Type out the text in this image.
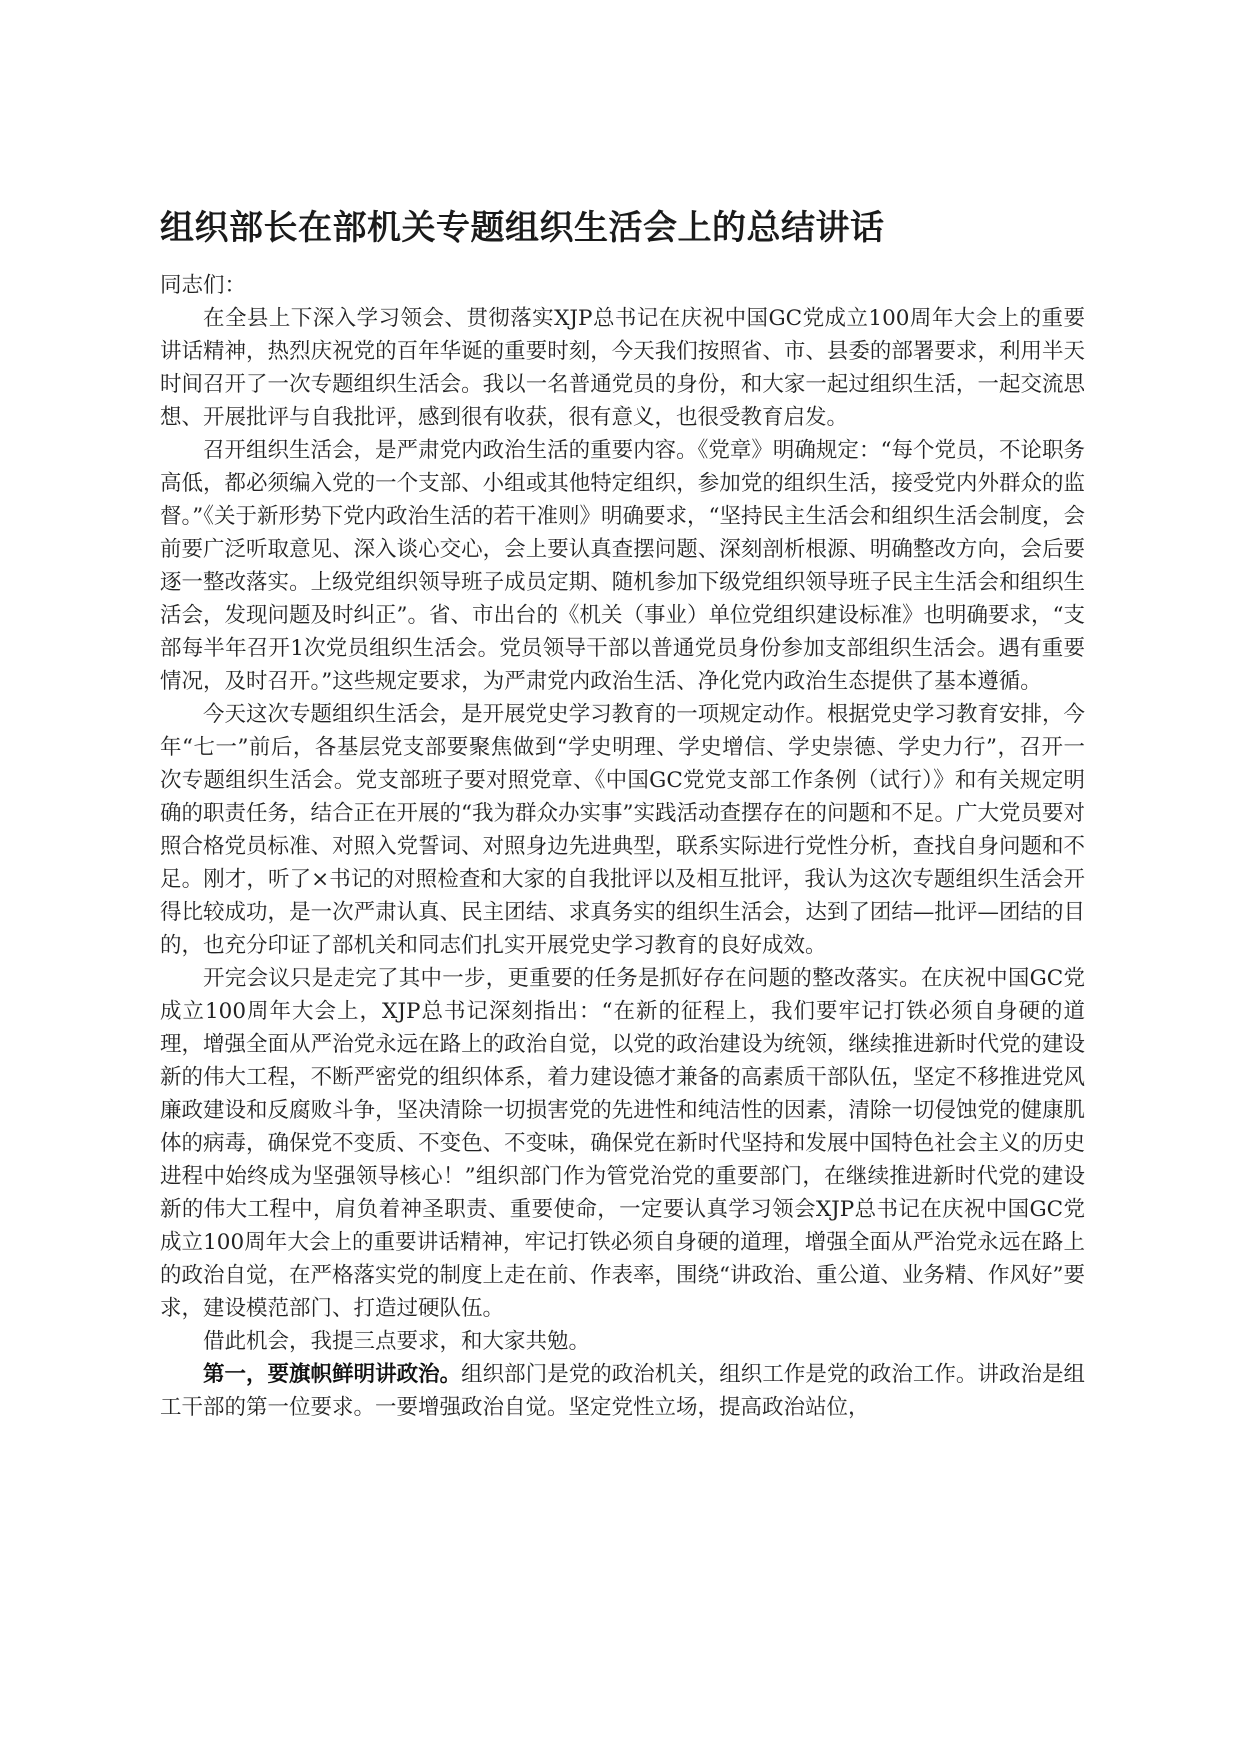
组织部长在部机关专题组织生活会上的总结讲话

同志们：

在全县上下深入学习领会、贯彻落实XJP总书记在庆祝中国GC党成立100周年大会上的重要讲话精神，热烈庆祝党的百年华诞的重要时刻，今天我们按照省、市、县委的部署要求，利用半天时间召开了一次专题组织生活会。我以一名普通党员的身份，和大家一起过组织生活，一起交流思想、开展批评与自我批评，感到很有收获，很有意义，也很受教育启发。

召开组织生活会，是严肃党内政治生活的重要内容。《党章》明确规定：“每个党员，不论职务高低，都必须编入党的一个支部、小组或其他特定组织，参加党的组织生活，接受党内外群众的监督。”《关于新形势下党内政治生活的若干准则》明确要求，“坚持民主生活会和组织生活会制度，会前要广泛听取意见、深入谈心交心，会上要认真查摆问题、深刻剖析根源、明确整改方向，会后要逐一整改落实。上级党组织领导班子成员定期、随机参加下级党组织领导班子民主生活会和组织生活会，发现问题及时纠正”。省、市出台的《机关（事业）单位党组织建设标准》也明确要求，“支部每半年召开1次党员组织生活会。党员领导干部以普通党员身份参加支部组织生活会。遇有重要情况，及时召开。”这些规定要求，为严肃党内政治生活、净化党内政治生态提供了基本遵循。

今天这次专题组织生活会，是开展党史学习教育的一项规定动作。根据党史学习教育安排，今年“七一”前后，各基层党支部要聚焦做到“学史明理、学史增信、学史崇德、学史力行”，召开一次专题组织生活会。党支部班子要对照党章、《中国GC党党支部工作条例（试行）》和有关规定明确的职责任务，结合正在开展的“我为群众办实事”实践活动查摆存在的问题和不足。广大党员要对照合格党员标准、对照入党誓词、对照身边先进典型，联系实际进行党性分析，查找自身问题和不足。刚才，听了×书记的对照检查和大家的自我批评以及相互批评，我认为这次专题组织生活会开得比较成功，是一次严肃认真、民主团结、求真务实的组织生活会，达到了团结—批评—团结的目的，也充分印证了部机关和同志们扎实开展党史学习教育的良好成效。

开完会议只是走完了其中一步，更重要的任务是抓好存在问题的整改落实。在庆祝中国GC党成立100周年大会上，XJP总书记深刻指出：“在新的征程上，我们要牢记打铁必须自身硬的道理，增强全面从严治党永远在路上的政治自觉，以党的政治建设为统领，继续推进新时代党的建设新的伟大工程，不断严密党的组织体系，着力建设德才兼备的高素质干部队伍，坚定不移推进党风廉政建设和反腐败斗争，坚决清除一切损害党的先进性和纯洁性的因素，清除一切侵蚀党的健康肌体的病毒，确保党不变质、不变色、不变味，确保党在新时代坚持和发展中国特色社会主义的历史进程中始终成为坚强领导核心！”组织部门作为管党治党的重要部门，在继续推进新时代党的建设新的伟大工程中，肩负着神圣职责、重要使命，一定要认真学习领会XJP总书记在庆祝中国GC党成立100周年大会上的重要讲话精神，牢记打铁必须自身硬的道理，增强全面从严治党永远在路上的政治自觉，在严格落实党的制度上走在前、作表率，围绕“讲政治、重公道、业务精、作风好”要求，建设模范部门、打造过硬队伍。

借此机会，我提三点要求，和大家共勉。

第一，要旗帜鲜明讲政治。组织部门是党的政治机关，组织工作是党的政治工作。讲政治是组工干部的第一位要求。一要增强政治自觉。坚定党性立场，提高政治站位，
